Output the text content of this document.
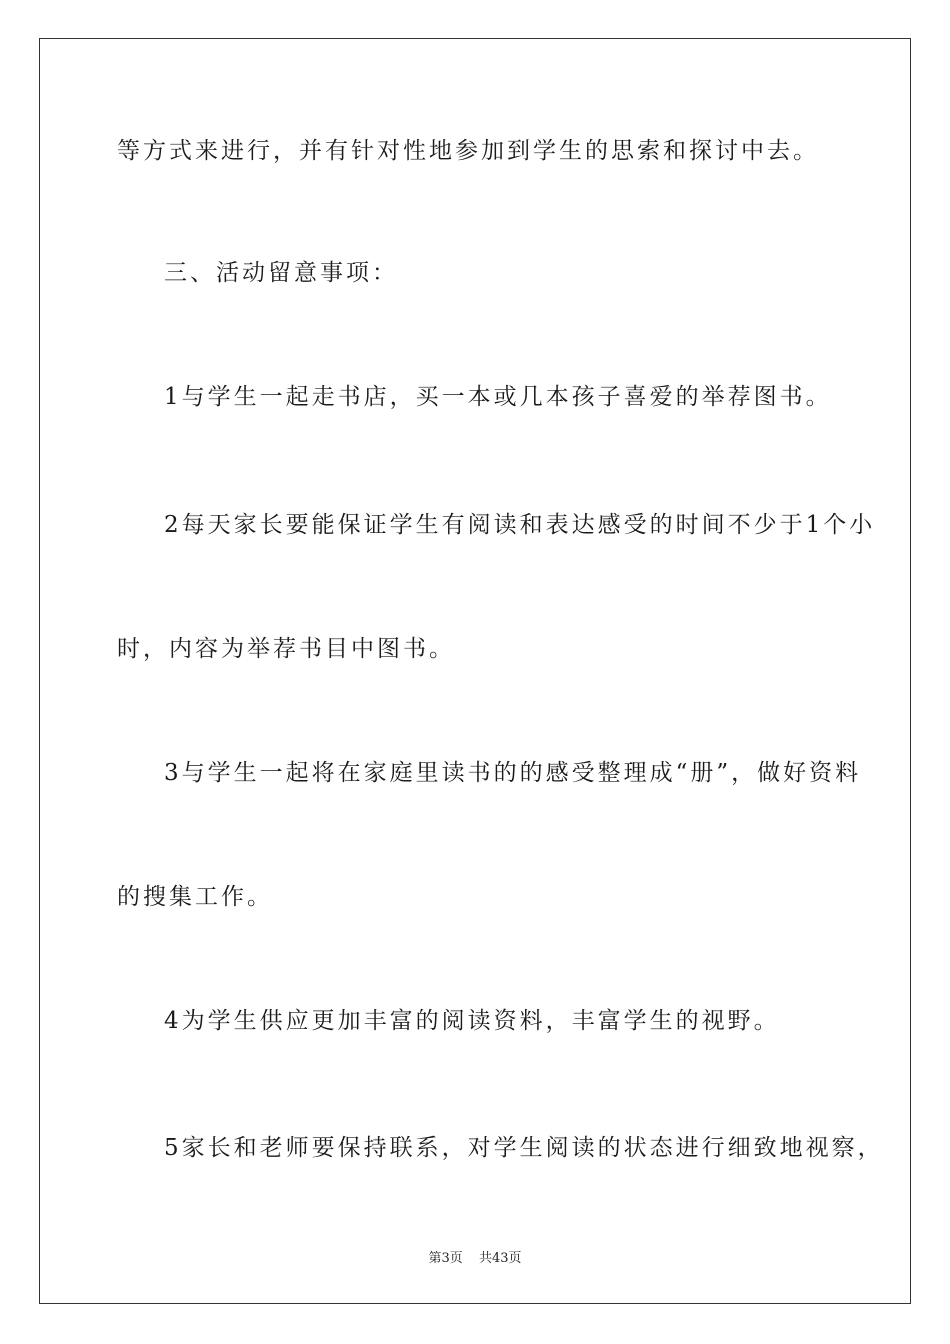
等方式来进行，并有针对性地参加到学生的思索和探讨中去。
三、活动留意事项：
1与学生一起走书店，买一本或几本孩子喜爱的举荐图书。
2每天家长要能保证学生有阅读和表达感受的时间不少于1个小
时，内容为举荐书目中图书。
3与学生一起将在家庭里读书的的感受整理成“册”，做好资料
的搜集工作。
4为学生供应更加丰富的阅读资料，丰富学生的视野。
5家长和老师要保持联系，对学生阅读的状态进行细致地视察，
第3页 共43页
